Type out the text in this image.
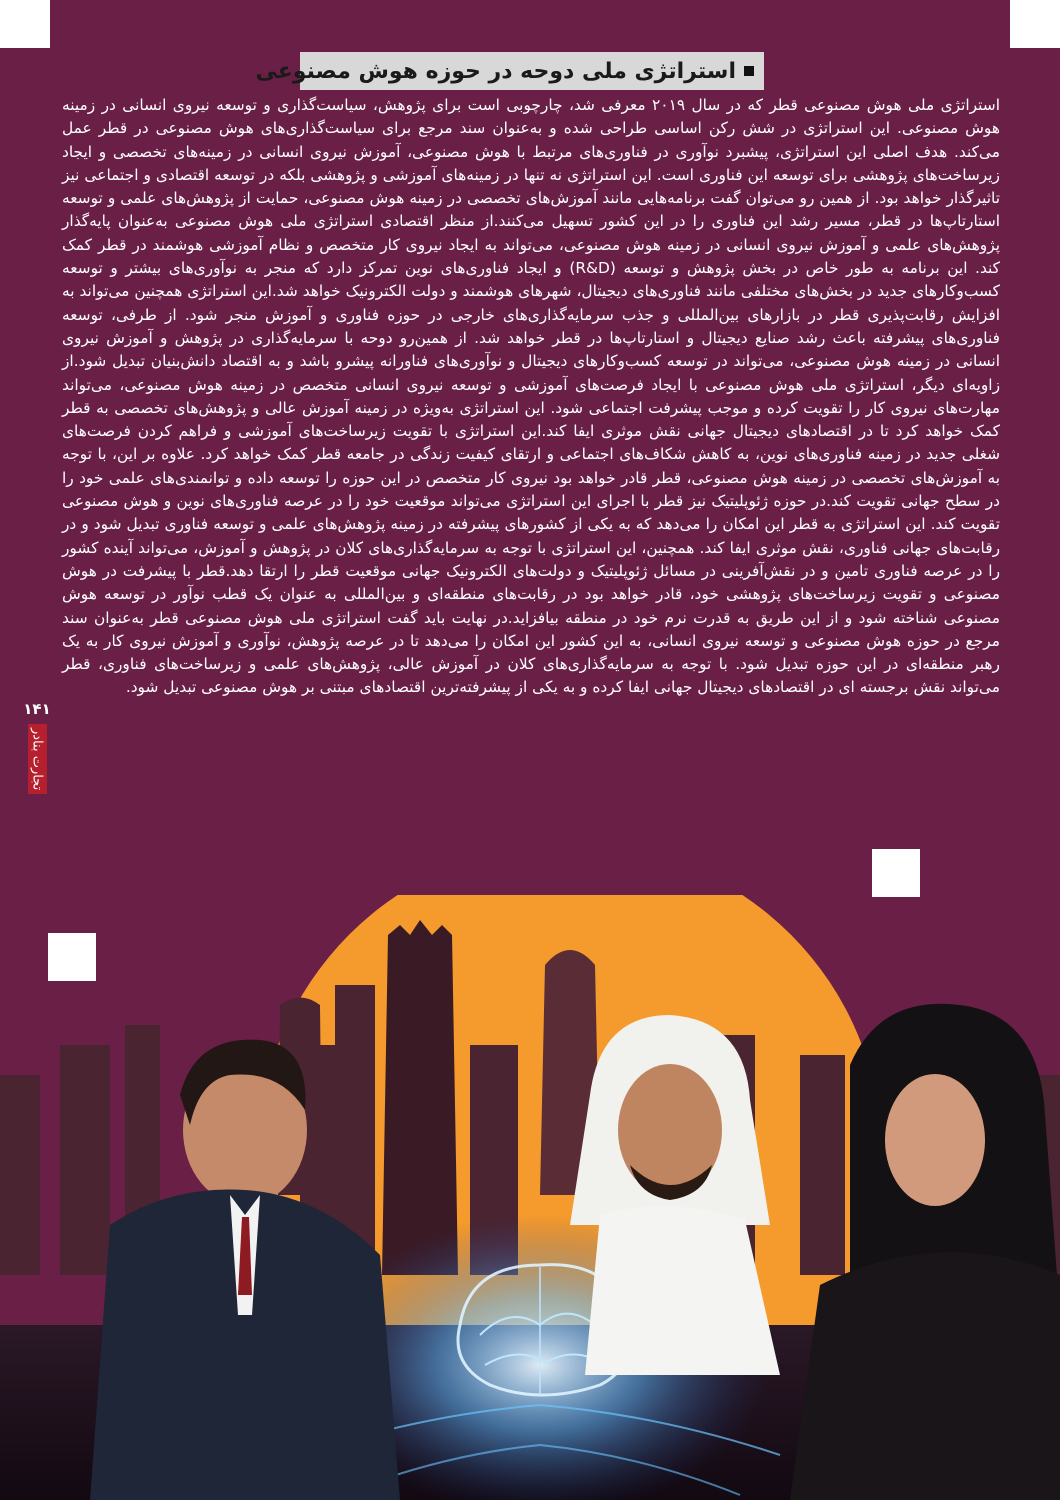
استراتژی ملی دوحه در حوزه هوش مصنوعی

استراتژی ملی هوش مصنوعی قطر که در سال ۲۰۱۹ معرفی شد، چارچوبی است برای پژوهش، سیاست‌گذاری و توسعه نیروی انسانی در زمینه هوش مصنوعی. این استراتژی در شش رکن اساسی طراحی شده و به‌عنوان سند مرجع برای سیاست‌گذاری‌های هوش مصنوعی در قطر عمل می‌کند. هدف اصلی این استراتژی، پیشبرد نوآوری در فناوری‌های مرتبط با هوش مصنوعی، آموزش نیروی انسانی در زمینه‌های تخصصی و ایجاد زیرساخت‌های پژوهشی برای توسعه این فناوری است. این استراتژی نه تنها در زمینه‌های آموزشی و پژوهشی بلکه در توسعه اقتصادی و اجتماعی نیز تاثیرگذار خواهد بود. از همین رو می‌توان گفت برنامه‌هایی مانند آموزش‌های تخصصی در زمینه هوش مصنوعی، حمایت از پژوهش‌های علمی و توسعه استارتاپ‌ها در قطر، مسیر رشد این فناوری را در این کشور تسهیل می‌کنند.از منظر اقتصادی استراتژی ملی هوش مصنوعی به‌عنوان پایه‌گذار پژوهش‌های علمی و آموزش نیروی انسانی در زمینه هوش مصنوعی، می‌تواند به ایجاد نیروی کار متخصص و نظام آموزشی هوشمند در قطر کمک کند. این برنامه به طور خاص در بخش پژوهش و توسعه (R&D) و ایجاد فناوری‌های نوین تمرکز دارد که منجر به نوآوری‌های بیشتر و توسعه کسب‌وکارهای جدید در بخش‌های مختلفی مانند فناوری‌های دیجیتال، شهرهای هوشمند و دولت الکترونیک خواهد شد.این استراتژی همچنین می‌تواند به افزایش رقابت‌پذیری قطر در بازارهای بین‌المللی و جذب سرمایه‌گذاری‌های خارجی در حوزه فناوری و آموزش منجر شود. از طرفی، توسعه فناوری‌های پیشرفته باعث رشد صنایع دیجیتال و استارتاپ‌ها در قطر خواهد شد. از همین‌رو دوحه با سرمایه‌گذاری در پژوهش و آموزش نیروی انسانی در زمینه هوش مصنوعی، می‌تواند در توسعه کسب‌وکارهای دیجیتال و نوآوری‌های فناورانه پیشرو باشد و به اقتصاد دانش‌بنیان تبدیل شود.از زاویه‌ای دیگر، استراتژی ملی هوش مصنوعی با ایجاد فرصت‌های آموزشی و توسعه نیروی انسانی متخصص در زمینه هوش مصنوعی، می‌تواند مهارت‌های نیروی کار را تقویت کرده و موجب پیشرفت اجتماعی شود. این استراتژی به‌ویژه در زمینه آموزش عالی و پژوهش‌های تخصصی به قطر کمک خواهد کرد تا در اقتصادهای دیجیتال جهانی نقش موثری ایفا کند.این استراتژی با تقویت زیرساخت‌های آموزشی و فراهم کردن فرصت‌های شغلی جدید در زمینه فناوری‌های نوین، به کاهش شکاف‌های اجتماعی و ارتقای کیفیت زندگی در جامعه قطر کمک خواهد کرد. علاوه بر این، با توجه به آموزش‌های تخصصی در زمینه هوش مصنوعی، قطر قادر خواهد بود نیروی کار متخصص در این حوزه را توسعه داده و توانمندی‌های علمی خود را در سطح جهانی تقویت کند.در حوزه ژئوپلیتیک نیز قطر با اجرای این استراتژی می‌تواند موقعیت خود را در عرصه فناوری‌های نوین و هوش مصنوعی تقویت کند. این استراتژی به قطر این امکان را می‌دهد که به یکی از کشورهای پیشرفته در زمینه پژوهش‌های علمی و توسعه فناوری تبدیل شود و در رقابت‌های جهانی فناوری، نقش موثری ایفا کند. همچنین، این استراتژی با توجه به سرمایه‌گذاری‌های کلان در پژوهش و آموزش، می‌تواند آینده کشور را در عرصه فناوری تامین و در نقش‌آفرینی در مسائل ژئوپلیتیک و دولت‌های الکترونیک جهانی موقعیت قطر را ارتقا دهد.قطر با پیشرفت در هوش مصنوعی و تقویت زیرساخت‌های پژوهشی خود، قادر خواهد بود در رقابت‌های منطقه‌ای و بین‌المللی به عنوان یک قطب نوآور در توسعه هوش مصنوعی شناخته شود و از این طریق به قدرت نرم خود در منطقه بیافزاید.در نهایت باید گفت استراتژی ملی هوش مصنوعی قطر به‌عنوان سند مرجع در حوزه هوش مصنوعی و توسعه نیروی انسانی، به این کشور این امکان را می‌دهد تا در عرصه پژوهش، نوآوری و آموزش نیروی کار به یک رهبر منطقه‌ای در این حوزه تبدیل شود. با توجه به سرمایه‌گذاری‌های کلان در آموزش عالی، پژوهش‌های علمی و زیرساخت‌های فناوری، قطر می‌تواند نقش برجسته ای در اقتصادهای دیجیتال جهانی ایفا کرده و به یکی از پیشرفته‌ترین اقتصادهای مبتنی بر هوش مصنوعی تبدیل شود.

۱۴۱
تجارت بنادر
